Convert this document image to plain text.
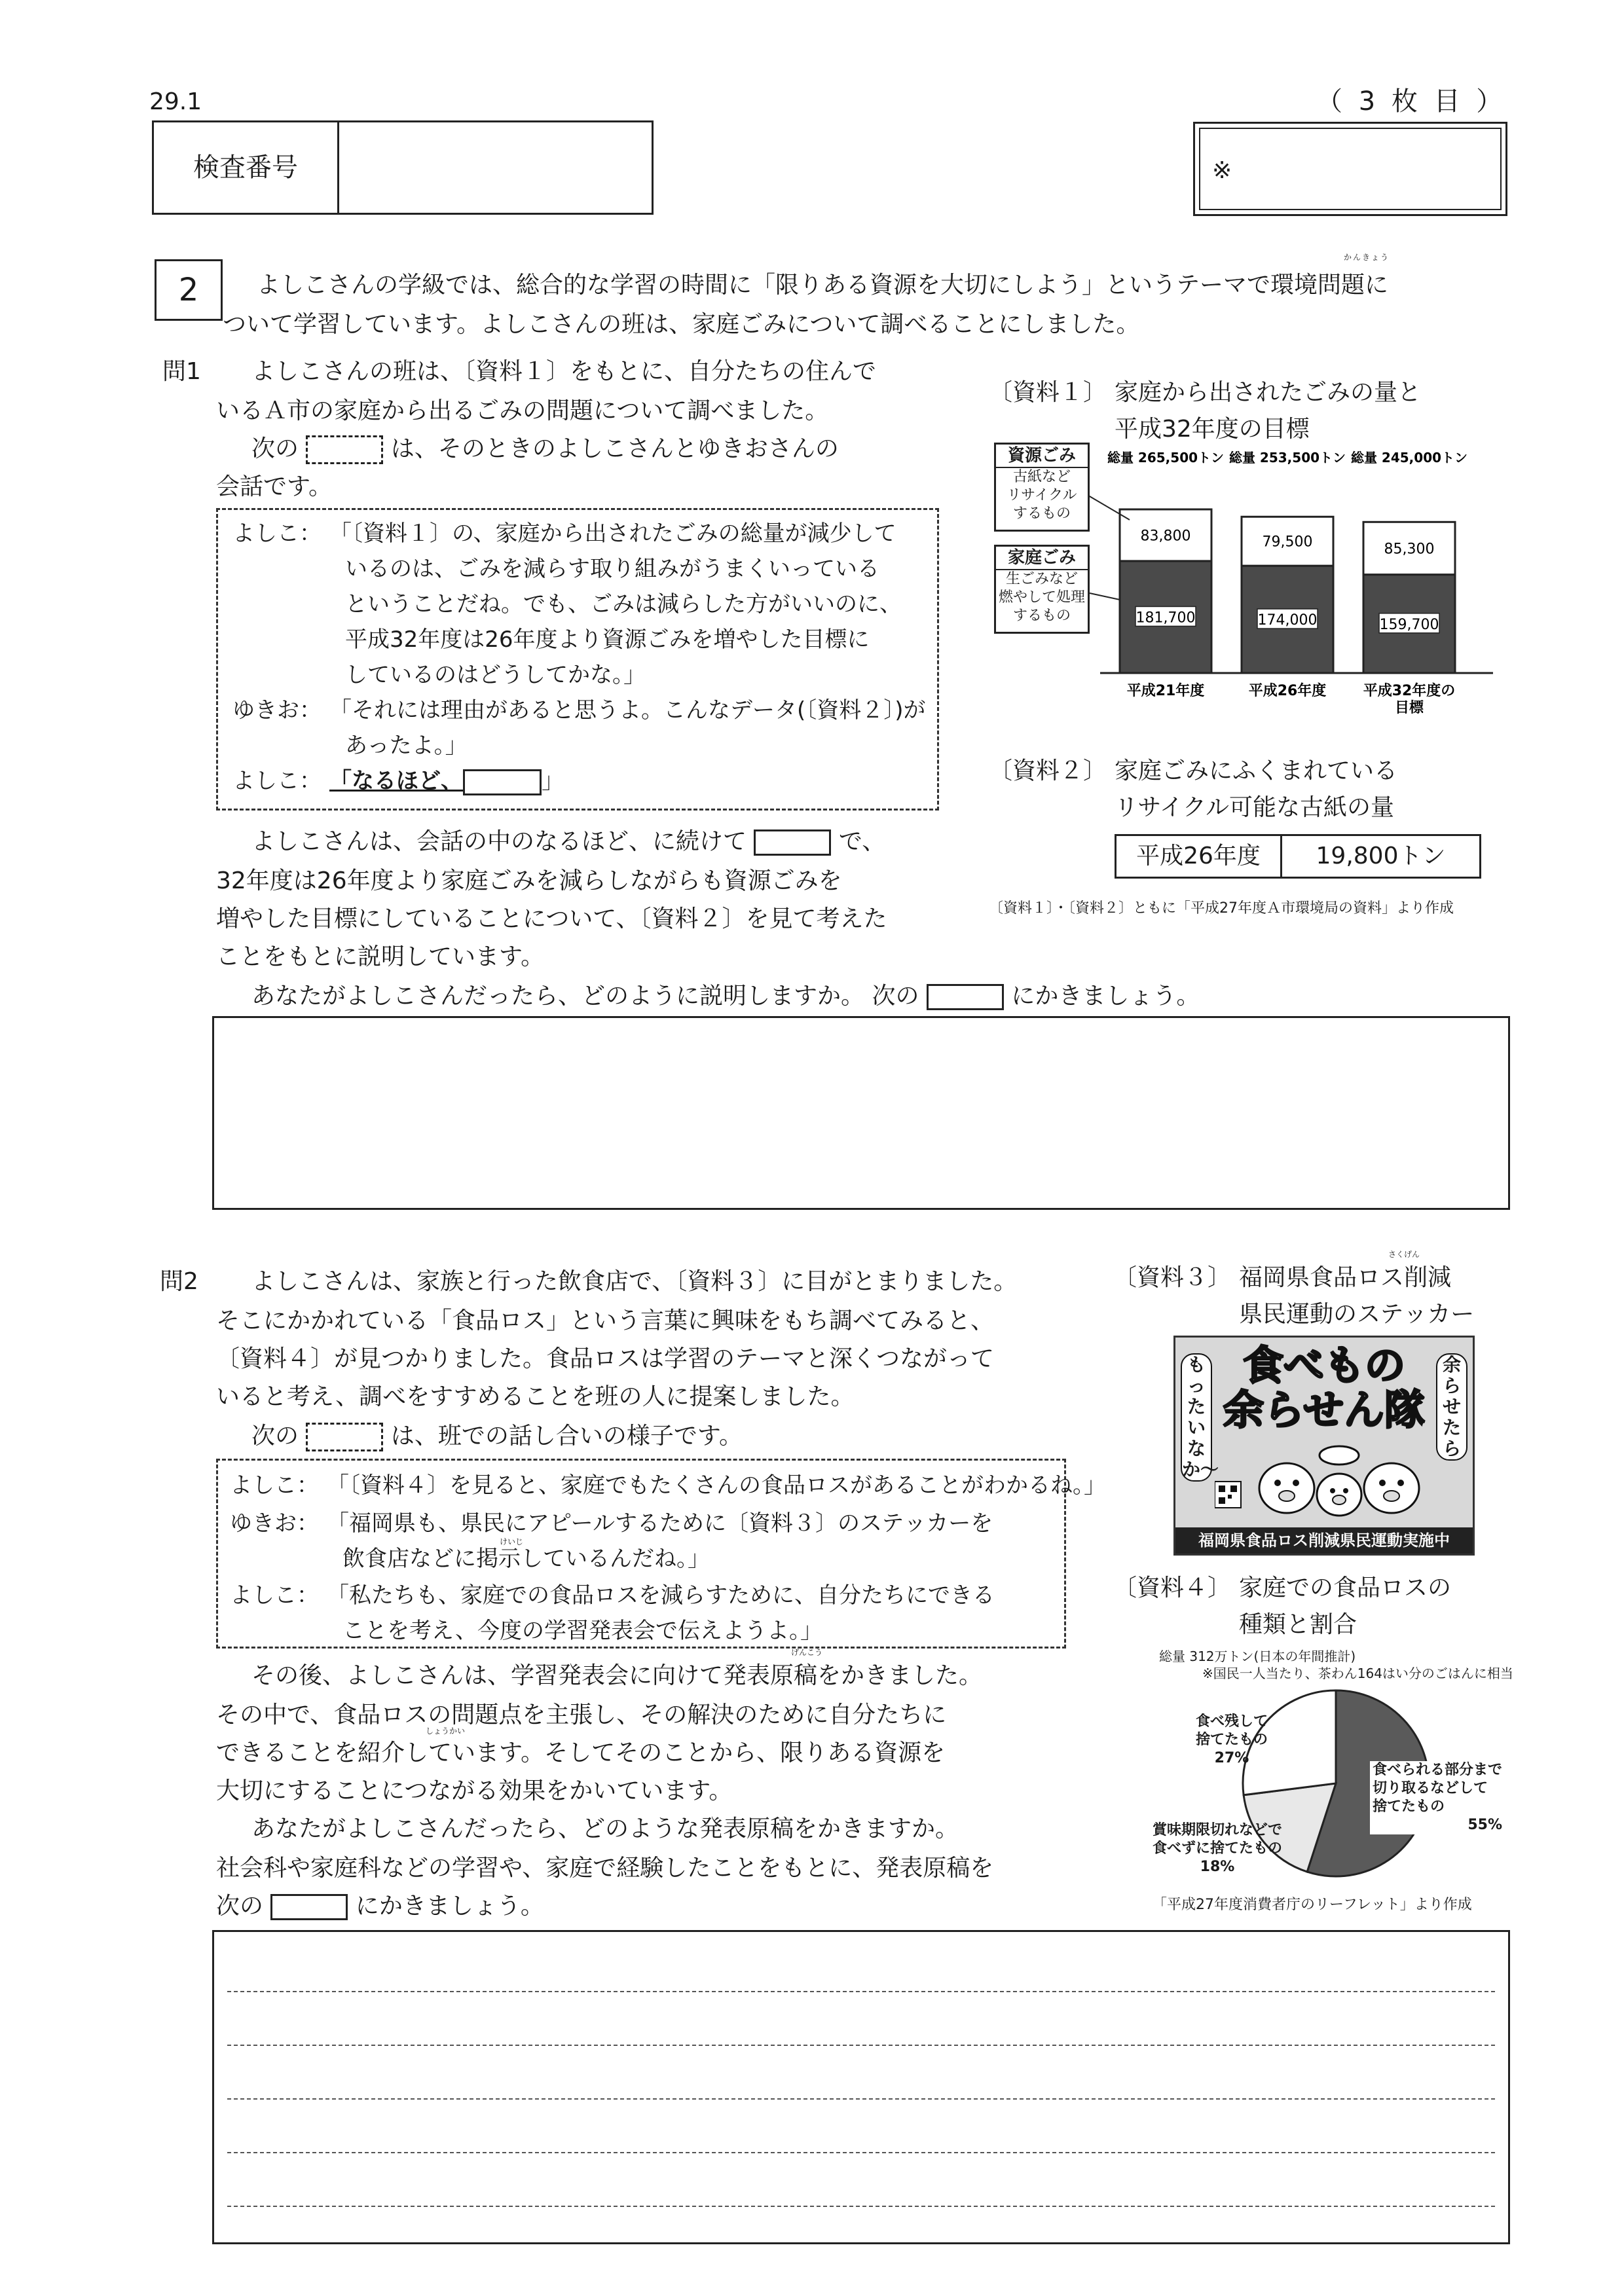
29.1	（ 3 枚 目 ）
検査番号	※
2
かんきょう
よしこさんの学級では、総合的な学習の時間に「限りある資源を大切にしよう」というテーマで環境問題に
ついて学習しています。よしこさんの班は、家庭ごみについて調べることにしました。
問1 よしこさんの班は、〔資料１〕をもとに、自分たちの住んで
いるＡ市の家庭から出るごみの問題について調べました。
次の	は、そのときのよしこさんとゆきおさんの
会話です。
よしこ： 「〔資料１〕の、家庭から出されたごみの総量が減少して
いるのは、ごみを減らす取り組みがうまくいっている
ということだね。でも、ごみは減らした方がいいのに、
平成32年度は26年度より資源ごみを増やした目標に
しているのはどうしてかな。」
ゆきお： 「それには理由があると思うよ。こんなデータ(〔資料２〕)が
あったよ。」
よしこ： 「なるほど、	」
よしこさんは、会話の中のなるほど、に続けて	で、
32年度は26年度より家庭ごみを減らしながらも資源ごみを
増やした目標にしていることについて、〔資料２〕を見て考えた
ことをもとに説明しています。
あなたがよしこさんだったら、どのように説明しますか。 次の	にかきましょう。
〔資料１〕 家庭から出されたごみの量と
平成32年度の目標
181,700
83,800
総量 265,500トン
平成21年度
174,000
79,500
総量 253,500トン
平成26年度
159,700
85,300
総量 245,000トン
平成32年度の
目標
資源ごみ
古紙など
リサイクル
するもの
家庭ごみ
生ごみなど
燃やして処理
するもの
〔資料２〕 家庭ごみにふくまれている
リサイクル可能な古紙の量
平成26年度	19,800トン
〔資料１〕・〔資料２〕ともに「平成27年度Ａ市環境局の資料」より作成
問2 よしこさんは、家族と行った飲食店で、〔資料３〕に目がとまりました。
そこにかかれている「食品ロス」という言葉に興味をもち調べてみると、
〔資料４〕が見つかりました。食品ロスは学習のテーマと深くつながって
いると考え、調べをすすめることを班の人に提案しました。
次の	は、班での話し合いの様子です。
よしこ： 「〔資料４〕を見ると、家庭でもたくさんの食品ロスがあることがわかるね。」
ゆきお： 「福岡県も、県民にアピールするために〔資料３〕のステッカーを
けいじ
飲食店などに掲示しているんだね。」
よしこ： 「私たちも、家庭での食品ロスを減らすために、自分たちにできる
ことを考え、今度の学習発表会で伝えようよ。」
げんこう
その後、よしこさんは、学習発表会に向けて発表原稿をかきました。
その中で、食品ロスの問題点を主張し、その解決のために自分たちに
しょうかい
できることを紹介しています。そしてそのことから、限りある資源を
大切にすることにつながる効果をかいています。
あなたがよしこさんだったら、どのような発表原稿をかきますか。
社会科や家庭科などの学習や、家庭で経験したことをもとに、発表原稿を
次の	にかきましょう。
〔資料３〕
さくげん
福岡県食品ロス削減
県民運動のステッカー
食べもの
余らせん隊
もったいなか〜
余らせたら
福岡県食品ロス削減県民運動実施中
〔資料４〕 家庭での食品ロスの
種類と割合
総量 312万トン(日本の年間推計)
※国民一人当たり、茶わん164はい分のごはんに相当
食べ残して
捨てたもの
27%
食べられる部分まで
切り取るなどして
捨てたもの
55%
賞味期限切れなどで
食べずに捨てたもの
18%
「平成27年度消費者庁のリーフレット」より作成
